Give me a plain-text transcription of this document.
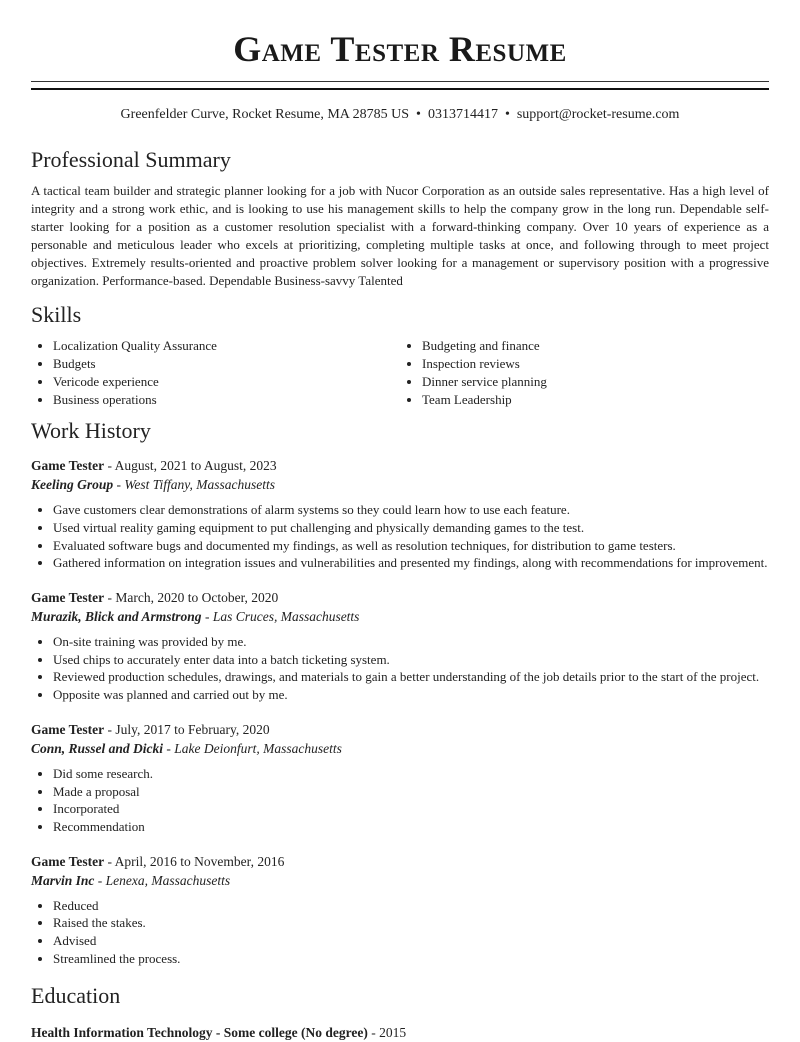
Game Tester Resume
Greenfelder Curve, Rocket Resume, MA 28785 US • 0313714417 • support@rocket-resume.com
Professional Summary

A tactical team builder and strategic planner looking for a job with Nucor Corporation as an outside sales representative. Has a high level of integrity and a strong work ethic, and is looking to use his management skills to help the company grow in the long run. Dependable self-starter looking for a position as a customer resolution specialist with a forward-thinking company. Over 10 years of experience as a personable and meticulous leader who excels at prioritizing, completing multiple tasks at once, and following through to meet project objectives. Extremely results-oriented and proactive problem solver looking for a management or supervisory position with a progressive organization. Performance-based. Dependable Business-savvy Talented

Skills
• Localization Quality Assurance
• Budgets
• Vericode experience
• Business operations
• Budgeting and finance
• Inspection reviews
• Dinner service planning
• Team Leadership
Work History
Game Tester - August, 2021 to August, 2023
Keeling Group - West Tiffany, Massachusetts
• Gave customers clear demonstrations of alarm systems so they could learn how to use each feature.
• Used virtual reality gaming equipment to put challenging and physically demanding games to the test.
• Evaluated software bugs and documented my findings, as well as resolution techniques, for distribution to game testers.
• Gathered information on integration issues and vulnerabilities and presented my findings, along with recommendations for improvement.
Game Tester - March, 2020 to October, 2020
Murazik, Blick and Armstrong - Las Cruces, Massachusetts
• On-site training was provided by me.
• Used chips to accurately enter data into a batch ticketing system.
• Reviewed production schedules, drawings, and materials to gain a better understanding of the job details prior to the start of the project.
• Opposite was planned and carried out by me.
Game Tester - July, 2017 to February, 2020
Conn, Russel and Dicki - Lake Deionfurt, Massachusetts
• Did some research.
• Made a proposal
• Incorporated
• Recommendation
Game Tester - April, 2016 to November, 2016
Marvin Inc - Lenexa, Massachusetts
• Reduced
• Raised the stakes.
• Advised
• Streamlined the process.
Education
Health Information Technology - Some college (No degree) - 2015
